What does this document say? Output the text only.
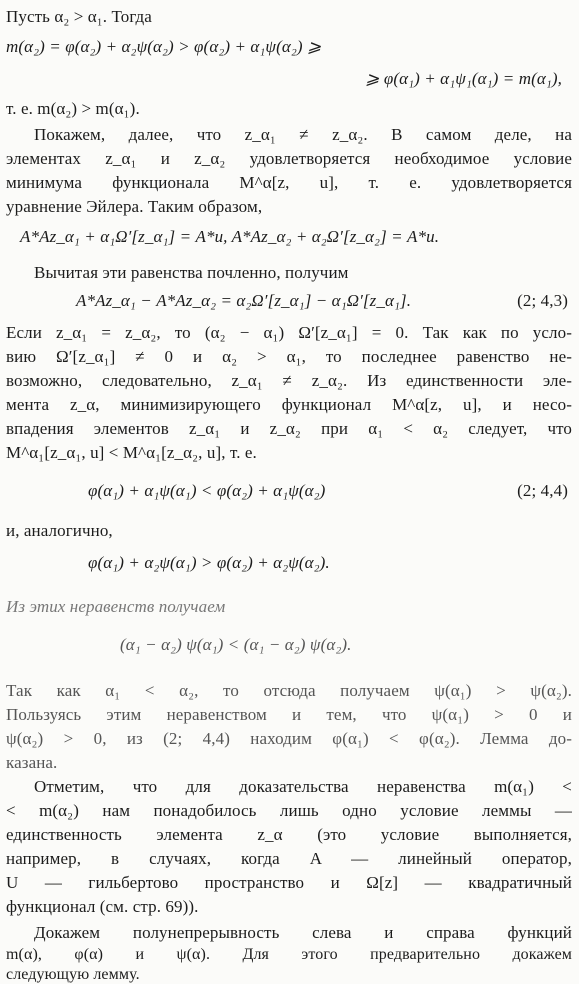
Пусть α₂ > α₁. Тогда
m(α₂) = φ(α₂) + α₂ψ(α₂) > φ(α₂) + α₁ψ(α₂) ⩾
⩾ φ(α₁) + α₁ψ₁(α₁) = m(α₁),
т. е. m(α₂) > m(α₁).
Покажем, далее, что z_α₁ ≠ z_α₂. В самом деле, на
элементах z_α₁ и z_α₂ удовлетворяется необходимое условие
минимума функционала M^α[z, u], т. е. удовлетворяется
уравнение Эйлера. Таким образом,
A*Az_α₁ + α₁Ω′[z_α₁] = A*u, A*Az_α₂ + α₂Ω′[z_α₂] = A*u.
Вычитая эти равенства почленно, получим
A*Az_α₁ − A*Az_α₂ = α₂Ω′[z_α₁] − α₁Ω′[z_α₁].	(2; 4,3)
Если z_α₁ = z_α₂, то (α₂ − α₁) Ω′[z_α₁] = 0. Так как по усло-
вию Ω′[z_α₁] ≠ 0 и α₂ > α₁, то последнее равенство не-
возможно, следовательно, z_α₁ ≠ z_α₂. Из единственности эле-
мента z_α, минимизирующего функционал M^α[z, u], и несо-
впадения элементов z_α₁ и z_α₂ при α₁ < α₂ следует, что
M^α₁[z_α₁, u] < M^α₁[z_α₂, u], т. е.
φ(α₁) + α₁ψ(α₁) < φ(α₂) + α₁ψ(α₂)	(2; 4,4)
и, аналогично,
φ(α₁) + α₂ψ(α₁) > φ(α₂) + α₂ψ(α₂).
Из этих неравенств получаем
(α₁ − α₂) ψ(α₁) < (α₁ − α₂) ψ(α₂).
Так как α₁ < α₂, то отсюда получаем ψ(α₁) > ψ(α₂).
Пользуясь этим неравенством и тем, что ψ(α₁) > 0 и
ψ(α₂) > 0, из (2; 4,4) находим φ(α₁) < φ(α₂). Лемма до-
казана.
Отметим, что для доказательства неравенства m(α₁) <
< m(α₂) нам понадобилось лишь одно условие леммы —
единственность элемента z_α (это условие выполняется,
например, в случаях, когда A — линейный оператор,
U — гильбертово пространство и Ω[z] — квадратичный
функционал (см. стр. 69)).
Докажем полунепрерывность слева и справа функций
m(α), φ(α) и ψ(α). Для этого предварительно докажем
следующую лемму.
